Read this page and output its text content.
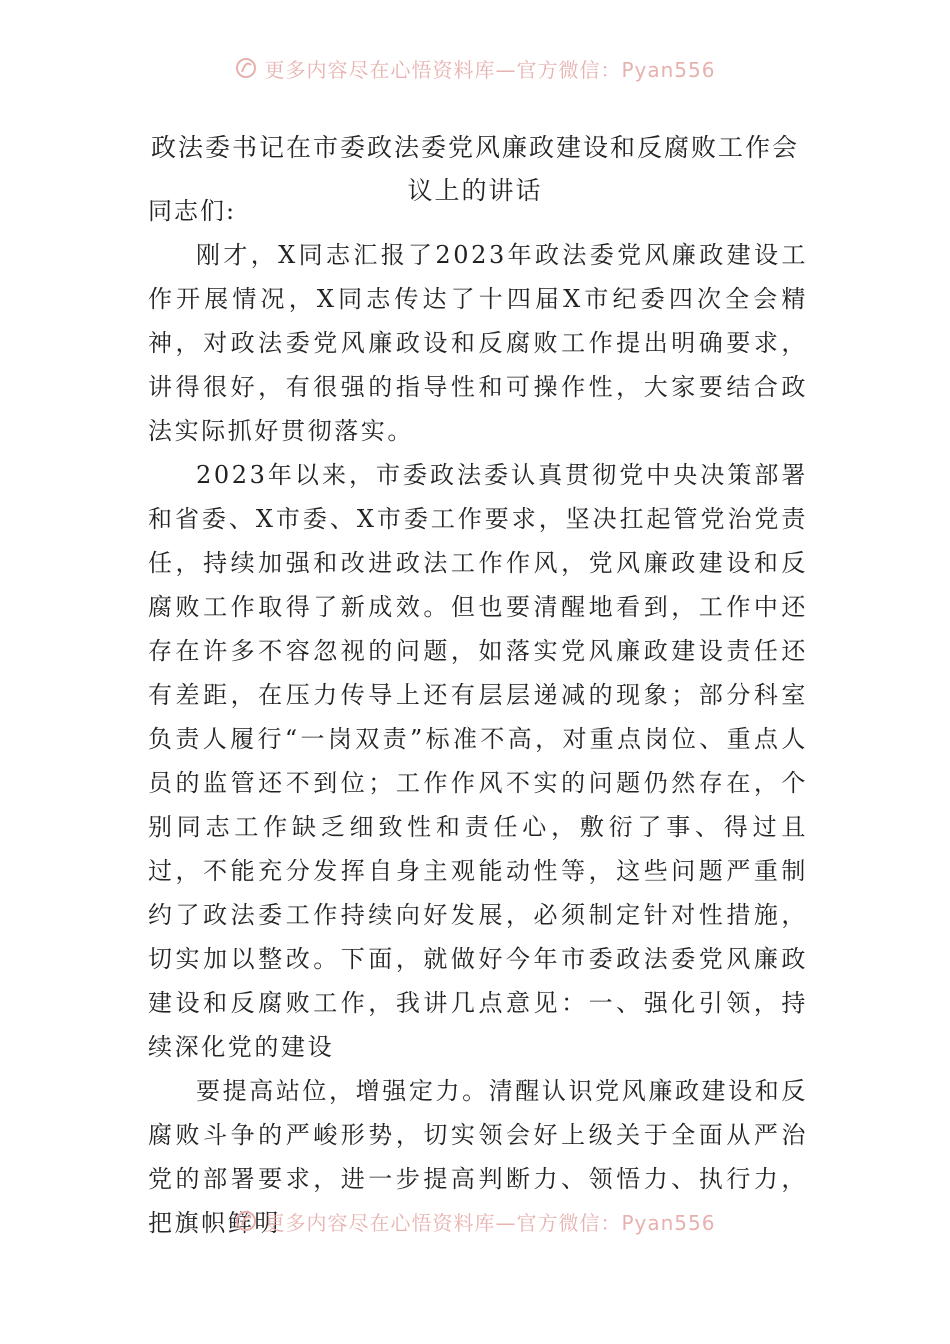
更多内容尽在心悟资料库—官方微信：Pyan556
政法委书记在市委政法委党风廉政建设和反腐败工作会议上的讲话

同志们:

刚才，X同志汇报了2023年政法委党风廉政建设工作开展情况，X同志传达了十四届X市纪委四次全会精神，对政法委党风廉政设和反腐败工作提出明确要求，讲得很好，有很强的指导性和可操作性，大家要结合政法实际抓好贯彻落实。

2023年以来，市委政法委认真贯彻党中央决策部署和省委、X市委、X市委工作要求，坚决扛起管党治党责任，持续加强和改进政法工作作风，党风廉政建设和反腐败工作取得了新成效。但也要清醒地看到，工作中还存在许多不容忽视的问题，如落实党风廉政建设责任还有差距，在压力传导上还有层层递减的现象；部分科室负责人履行“一岗双责”标准不高，对重点岗位、重点人员的监管还不到位；工作作风不实的问题仍然存在，个别同志工作缺乏细致性和责任心，敷衍了事、得过且过，不能充分发挥自身主观能动性等，这些问题严重制约了政法委工作持续向好发展，必须制定针对性措施，切实加以整改。下面，就做好今年市委政法委党风廉政建设和反腐败工作，我讲几点意见：一、强化引领，持续深化党的建设

要提高站位，增强定力。清醒认识党风廉政建设和反腐败斗争的严峻形势，切实领会好上级关于全面从严治党的部署要求，进一步提高判断力、领悟力、执行力，把旗帜鲜明

更多内容尽在心悟资料库—官方微信：Pyan556
